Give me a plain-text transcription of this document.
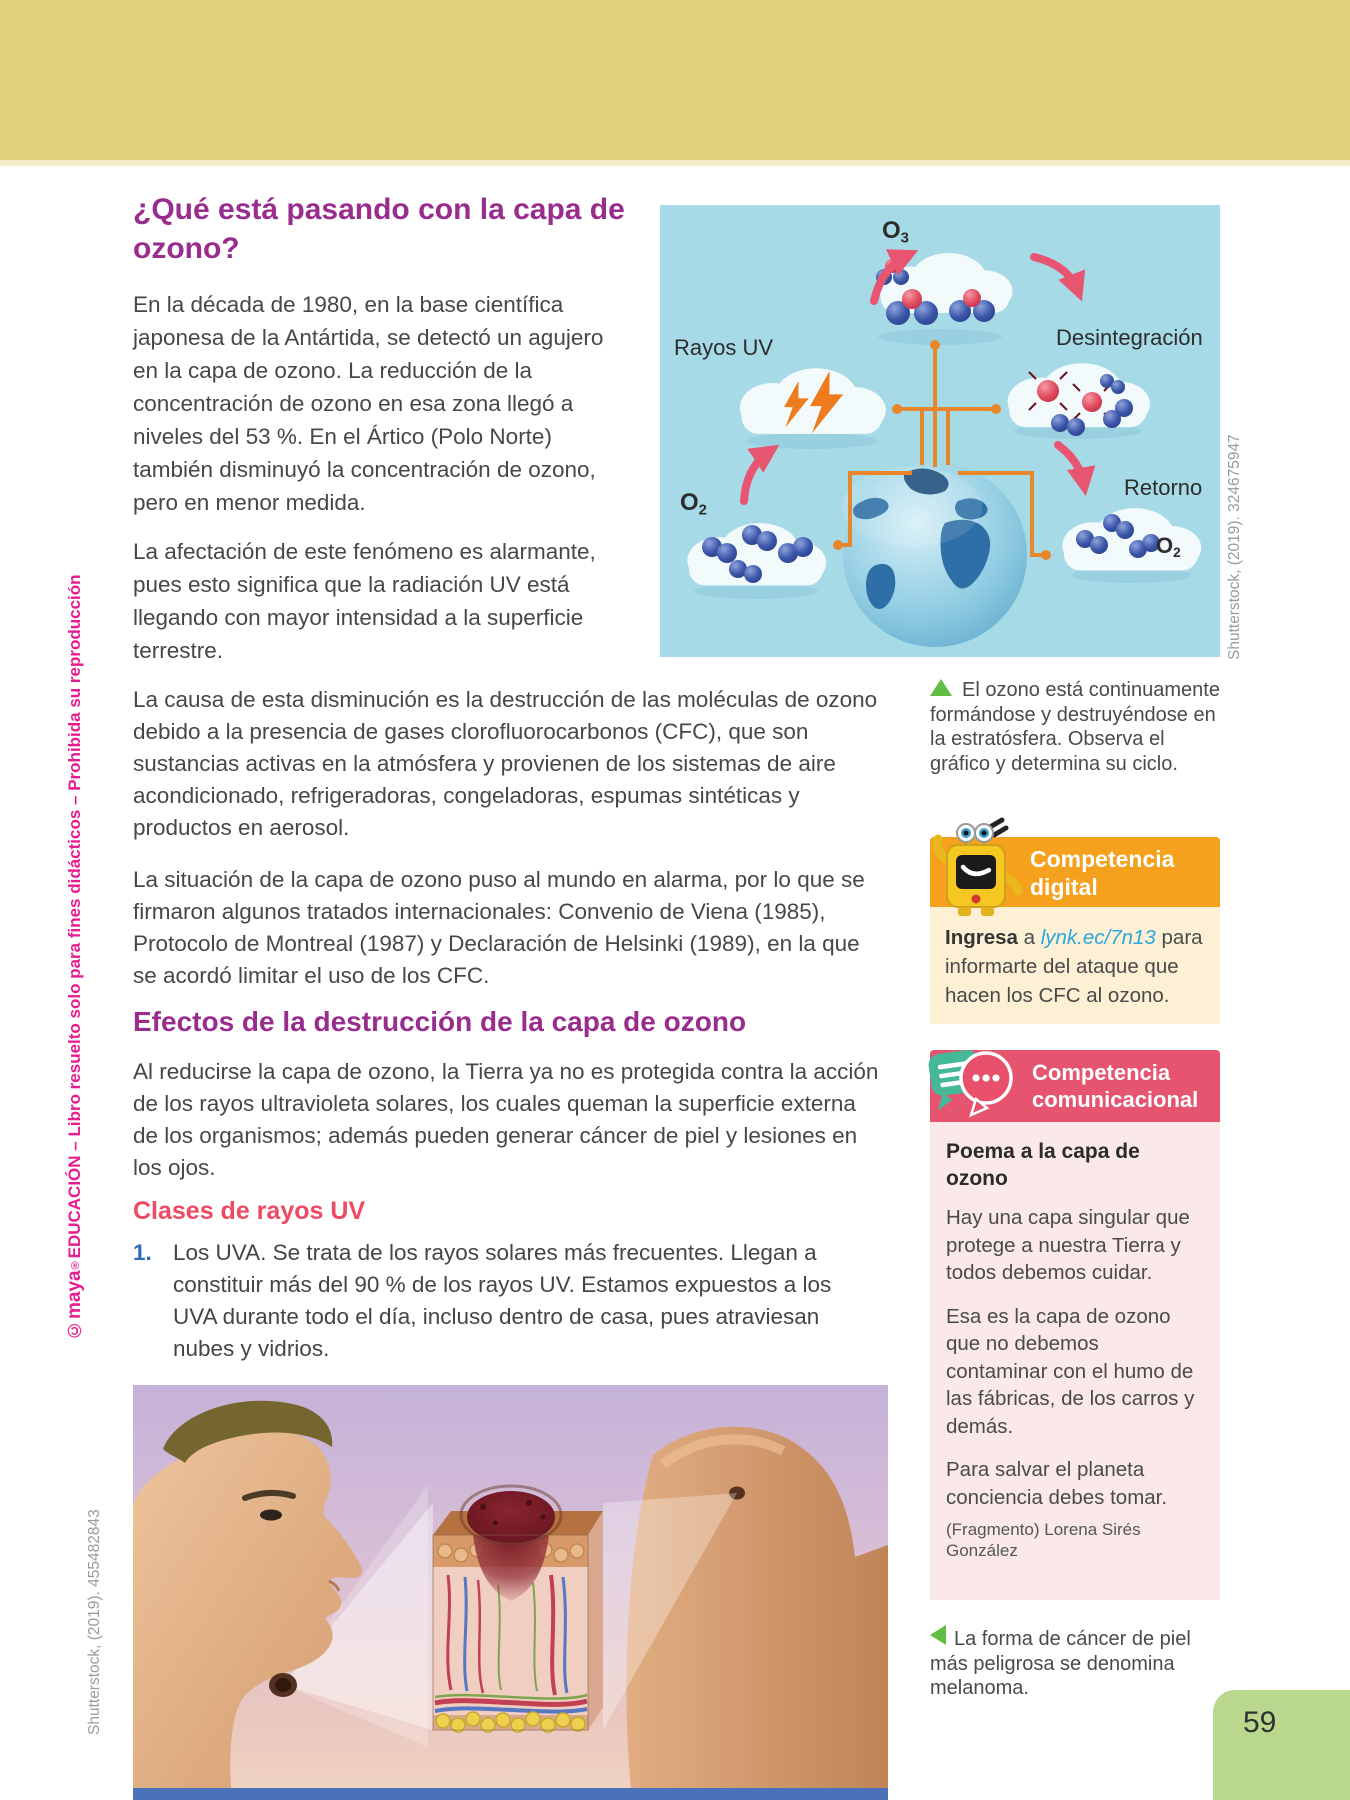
©maya®EDUCACIÓN – Libro resuelto solo para fines didácticos – Prohibida su reproducción
¿Qué está pasando con la capa de ozono?

En la década de 1980, en la base científica japonesa de la Antártida, se detectó un agujero en la capa de ozono. La reducción de la concentración de ozono en esa zona llegó a niveles del 53 %. En el Ártico (Polo Norte) también disminuyó la concentración de ozono, pero en menor medida.

La afectación de este fenómeno es alarmante, pues esto significa que la radiación UV está llegando con mayor intensidad a la superficie terrestre.

La causa de esta disminución es la destrucción de las moléculas de ozono debido a la presencia de gases clorofluorocarbonos (CFC), que son sustancias activas en la atmósfera y provienen de los sistemas de aire acondicionado, refrigeradoras, congeladoras, espumas sintéticas y productos en aerosol.

La situación de la capa de ozono puso al mundo en alarma, por lo que se firmaron algunos tratados internacionales: Convenio de Viena (1985), Protocolo de Montreal (1987) y Declaración de Helsinki (1989), en la que se acordó limitar el uso de los CFC.

$O_3$
Rayos UV	Desintegración
$O_2$
Retorno
$O_2$	Shutterstock, (2019). 324675947
El ozono está continuamente formándose y destruyéndose en la estratósfera. Observa el gráfico y determina su ciclo.
Competencia
digital
Ingresa a lynk.ec/7n13 para informarte del ataque que hacen los CFC al ozono.
Competencia
comunicacional

Poema a la capa de ozono

Hay una capa singular que protege a nuestra Tierra y todos debemos cuidar.

Esa es la capa de ozono que no debemos contaminar con el humo de las fábricas, de los carros y demás.

Para salvar el planeta conciencia debes tomar.

(Fragmento) Lorena Sirés González

Efectos de la destrucción de la capa de ozono

Al reducirse la capa de ozono, la Tierra ya no es protegida contra la acción de los rayos ultravioleta solares, los cuales queman la superficie externa de los organismos; además pueden generar cáncer de piel y lesiones en los ojos.

Clases de rayos UV
1. Los UVA. Se trata de los rayos solares más frecuentes. Llegan a constituir más del 90 % de los rayos UV. Estamos expuestos a los UVA durante todo el día, incluso dentro de casa, pues atraviesan nubes y vidrios.
Shutterstock, (2019). 455482843	La forma de cáncer de piel más peligrosa se denomina melanoma.
59
